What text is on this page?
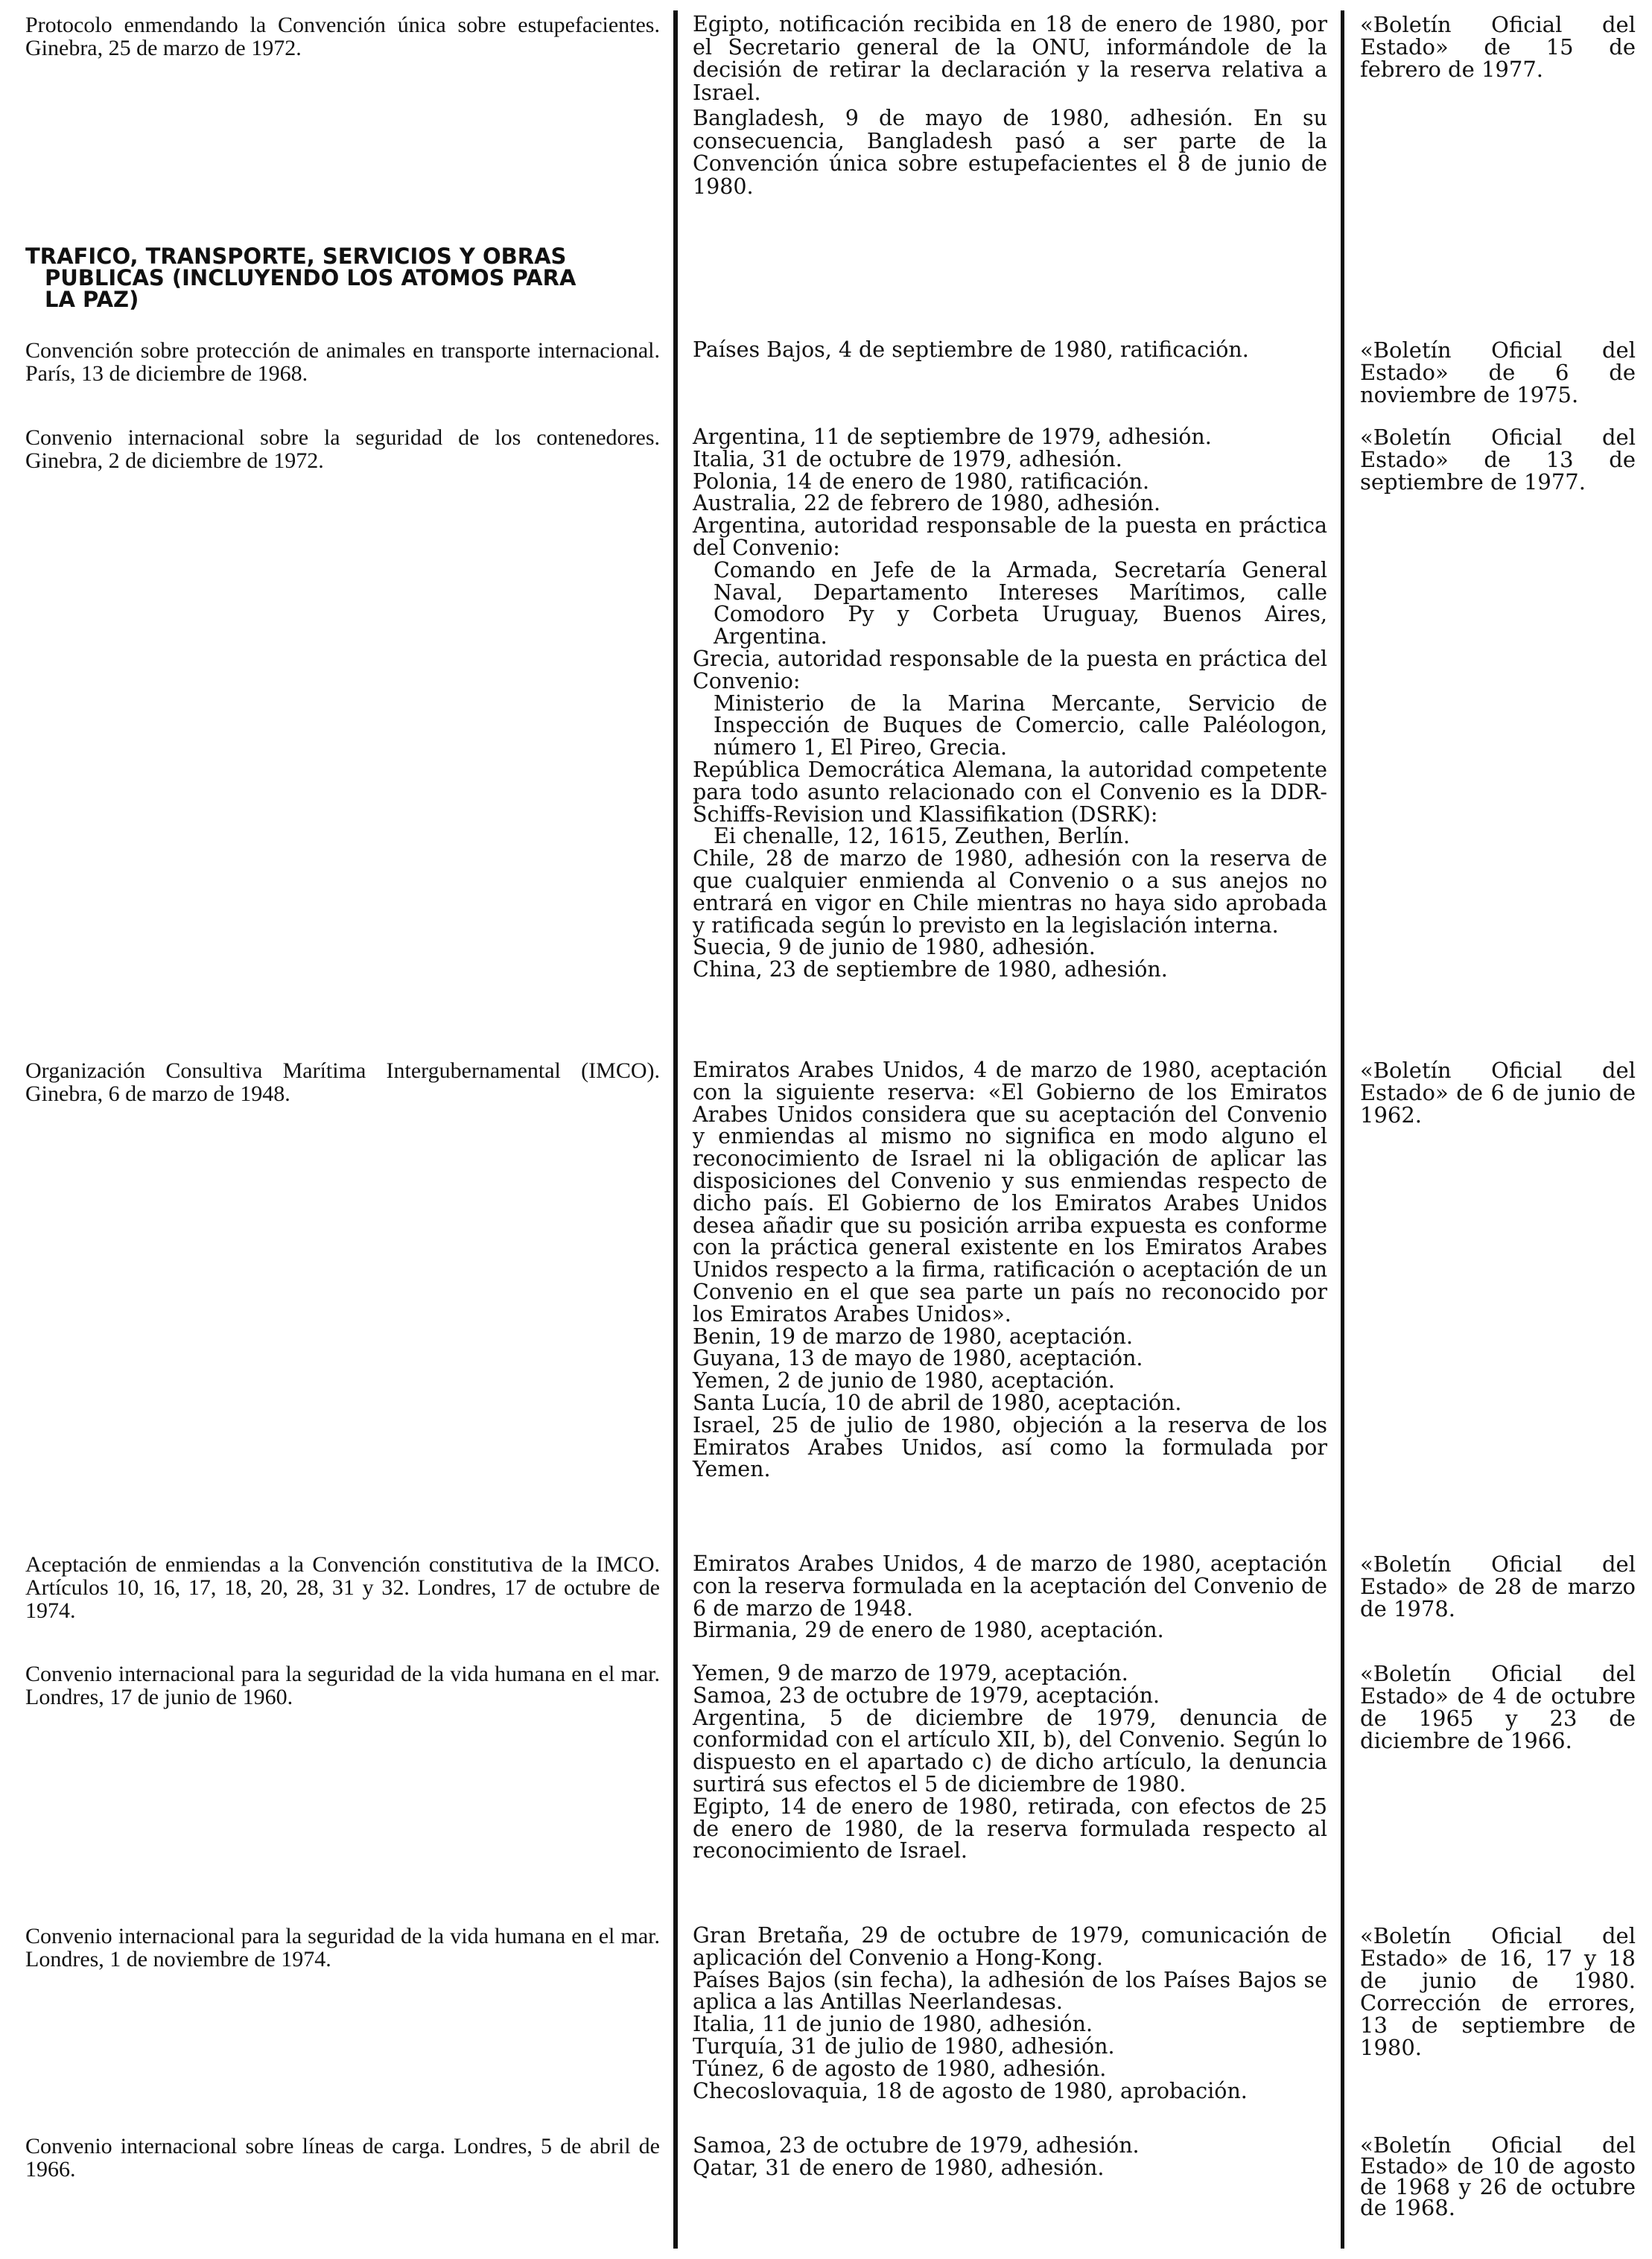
Protocolo enmendando la Convención única sobre estupefacientes. Ginebra, 25 de marzo de 1972.

Egipto, notificación recibida en 18 de enero de 1980, por el Secretario general de la ONU, informándole de la decisión de retirar la declaración y la reserva relativa a Israel.

Bangladesh, 9 de mayo de 1980, adhesión. En su consecuencia, Bangladesh pasó a ser parte de la Convención única sobre estupefacientes el 8 de junio de 1980.

«Boletín Oficial del Estado» de 15 de febrero de 1977.
TRAFICO, TRANSPORTE, SERVICIOS Y OBRAS
PUBLICAS (INCLUYENDO LOS ATOMOS PARA
LA PAZ)
Convención sobre protección de animales en transporte internacional. París, 13 de diciembre de 1968.

Países Bajos, 4 de septiembre de 1980, ratificación.	«Boletín Oficial del Estado» de 6 de noviembre de 1975.
Convenio internacional sobre la seguridad de los contenedores. Ginebra, 2 de diciembre de 1972.

Argentina, 11 de septiembre de 1979, adhesión.

Italia, 31 de octubre de 1979, adhesión.

Polonia, 14 de enero de 1980, ratificación.

Australia, 22 de febrero de 1980, adhesión.

Argentina, autoridad responsable de la puesta en práctica del Convenio:

Comando en Jefe de la Armada, Secretaría General Naval, Departamento Intereses Marítimos, calle Comodoro Py y Corbeta Uruguay, Buenos Aires, Argentina.

Grecia, autoridad responsable de la puesta en práctica del Convenio:

Ministerio de la Marina Mercante, Servicio de Inspección de Buques de Comercio, calle Paléologon, número 1, El Pireo, Grecia.

República Democrática Alemana, la autoridad competente para todo asunto relacionado con el Convenio es la DDR-Schiffs-Revision und Klassifikation (DSRK):

Ei chenalle, 12, 1615, Zeuthen, Berlín.

Chile, 28 de marzo de 1980, adhesión con la reserva de que cualquier enmienda al Convenio o a sus anejos no entrará en vigor en Chile mientras no haya sido aprobada y ratificada según lo previsto en la legislación interna.

Suecia, 9 de junio de 1980, adhesión.

China, 23 de septiembre de 1980, adhesión.

«Boletín Oficial del Estado» de 13 de septiembre de 1977.
Organización Consultiva Marítima Intergubernamental (IMCO). Ginebra, 6 de marzo de 1948.

Emiratos Arabes Unidos, 4 de marzo de 1980, aceptación con la siguiente reserva: «El Gobierno de los Emiratos Arabes Unidos considera que su aceptación del Convenio y enmiendas al mismo no significa en modo alguno el reconocimiento de Israel ni la obligación de aplicar las disposiciones del Convenio y sus enmiendas respecto de dicho país. El Gobierno de los Emiratos Arabes Unidos desea añadir que su posición arriba expuesta es conforme con la práctica general existente en los Emiratos Arabes Unidos respecto a la firma, ratificación o aceptación de un Convenio en el que sea parte un país no reconocido por los Emiratos Arabes Unidos».

Benin, 19 de marzo de 1980, aceptación.

Guyana, 13 de mayo de 1980, aceptación.

Yemen, 2 de junio de 1980, aceptación.

Santa Lucía, 10 de abril de 1980, aceptación.

Israel, 25 de julio de 1980, objeción a la reserva de los Emiratos Arabes Unidos, así como la formulada por Yemen.

«Boletín Oficial del Estado» de 6 de junio de 1962.
Aceptación de enmiendas a la Convención constitutiva de la IMCO. Artículos 10, 16, 17, 18, 20, 28, 31 y 32. Londres, 17 de octubre de 1974.

Emiratos Arabes Unidos, 4 de marzo de 1980, aceptación con la reserva formulada en la aceptación del Convenio de 6 de marzo de 1948.

Birmania, 29 de enero de 1980, aceptación.

«Boletín Oficial del Estado» de 28 de marzo de 1978.
Convenio internacional para la seguridad de la vida humana en el mar. Londres, 17 de junio de 1960.

Yemen, 9 de marzo de 1979, aceptación.

Samoa, 23 de octubre de 1979, aceptación.

Argentina, 5 de diciembre de 1979, denuncia de conformidad con el artículo XII, b), del Convenio. Según lo dispuesto en el apartado c) de dicho artículo, la denuncia surtirá sus efectos el 5 de diciembre de 1980.

Egipto, 14 de enero de 1980, retirada, con efectos de 25 de enero de 1980, de la reserva formulada respecto al reconocimiento de Israel.

«Boletín Oficial del Estado» de 4 de octubre de 1965 y 23 de diciembre de 1966.
Convenio internacional para la seguridad de la vida humana en el mar. Londres, 1 de noviembre de 1974.

Gran Bretaña, 29 de octubre de 1979, comunicación de aplicación del Convenio a Hong-Kong.

Países Bajos (sin fecha), la adhesión de los Países Bajos se aplica a las Antillas Neerlandesas.

Italia, 11 de junio de 1980, adhesión.

Turquía, 31 de julio de 1980, adhesión.

Túnez, 6 de agosto de 1980, adhesión.

Checoslovaquia, 18 de agosto de 1980, aprobación.

«Boletín Oficial del Estado» de 16, 17 y 18 de junio de 1980. Corrección de errores, 13 de septiembre de 1980.
Convenio internacional sobre líneas de carga. Londres, 5 de abril de 1966.

Samoa, 23 de octubre de 1979, adhesión.

Qatar, 31 de enero de 1980, adhesión.

«Boletín Oficial del Estado» de 10 de agosto de 1968 y 26 de octubre de 1968.
